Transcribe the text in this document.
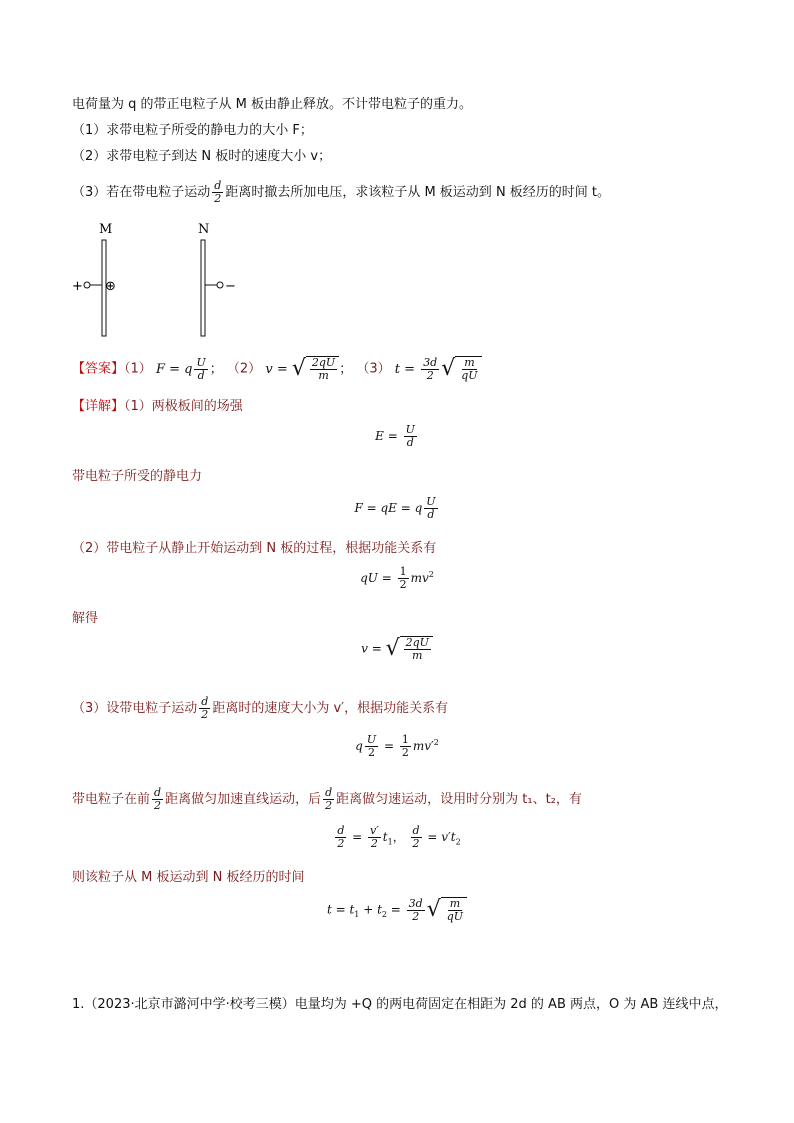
电荷量为 q 的带正电粒子从 M 板由静止释放。不计带电粒子的重力。
（1）求带电粒子所受的静电力的大小 F；
（2）求带电粒子到达 N 板时的速度大小 v；
（3）若在带电粒子运动 $\frac{d}{2}$ 距离时撤去所加电压，求该粒子从 M 板运动到 N 板经历的时间 t。
M	N
+ ⊕	−
【答案】（1） F = q $\frac{U}{d}$ ； （2） v = √ $\frac{2qU}{m}$ ； （3） $t = \frac{3d}{2}$ √ $\frac{m}{qU}$
【详解】（1）两极板间的场强
$E = \frac{U}{d}$
带电粒子所受的静电力
F = qE = q $\frac{U}{d}$
（2）带电粒子从静止开始运动到 N 板的过程，根据功能关系有
qU = $\frac{1}{2} mv^2$
解得
v = √ $\frac{2qU}{m}$
（3）设带电粒子运动 $\frac{d}{2}$ 距离时的速度大小为 v′，根据功能关系有
q $\frac{U}{2} = \frac{1}{2} mv'^2$
带电粒子在前 $\frac{d}{2}$ 距离做匀加速直线运动，后 $\frac{d}{2}$ 距离做匀速运动，设用时分别为 t₁、t₂，有
$\frac{d}{2} = \frac{v'}{2} t_1$， $\frac{d}{2} = v't_2$
则该粒子从 M 板运动到 N 板经历的时间
$t = t_1 + t_2 = \frac{3d}{2}$ √ $\frac{m}{qU}$
1.（2023·北京市潞河中学·校考三模）电量均为 +Q 的两电荷固定在相距为 2d 的 AB 两点，O 为 AB 连线中点，
